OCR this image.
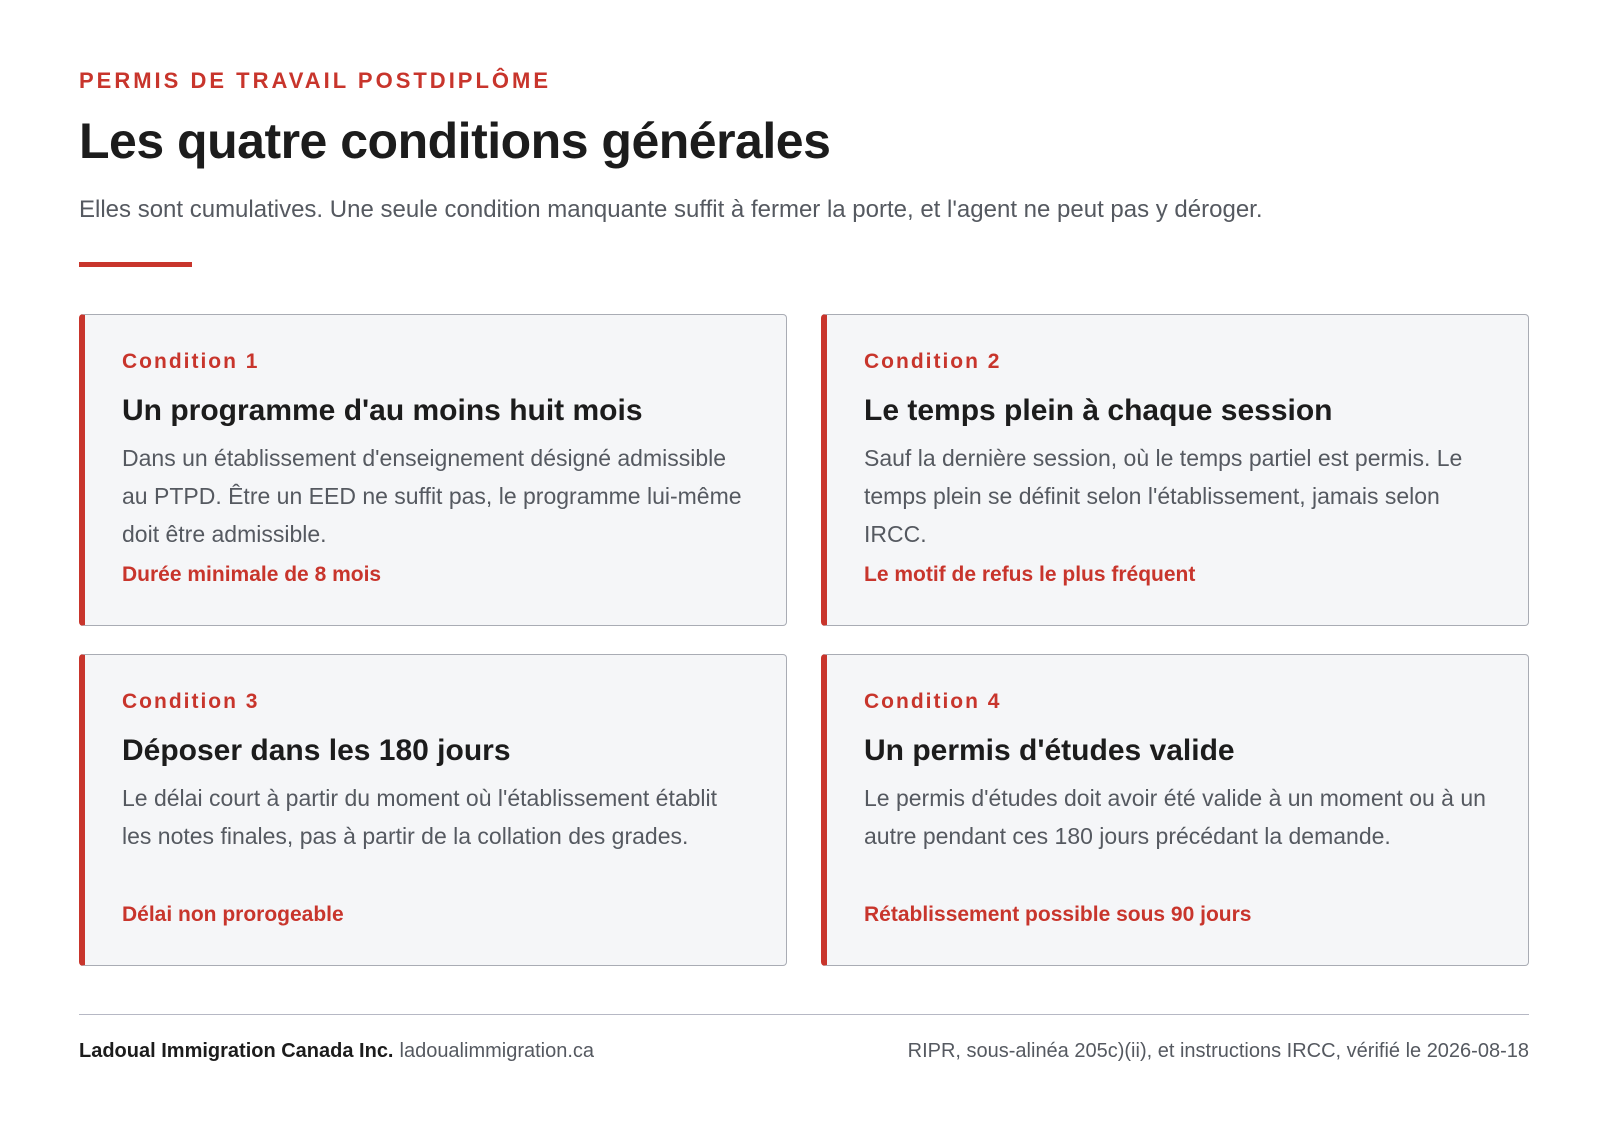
PERMIS DE TRAVAIL POSTDIPLÔME
Les quatre conditions générales
Elles sont cumulatives. Une seule condition manquante suffit à fermer la porte, et l'agent ne peut pas y déroger.
Condition 1
Un programme d'au moins huit mois
Dans un établissement d'enseignement désigné admissible au PTPD. Être un EED ne suffit pas, le programme lui-même doit être admissible.
Durée minimale de 8 mois
Condition 2
Le temps plein à chaque session
Sauf la dernière session, où le temps partiel est permis. Le temps plein se définit selon l'établissement, jamais selon IRCC.
Le motif de refus le plus fréquent
Condition 3
Déposer dans les 180 jours
Le délai court à partir du moment où l'établissement établit les notes finales, pas à partir de la collation des grades.
Délai non prorogeable
Condition 4
Un permis d'études valide
Le permis d'études doit avoir été valide à un moment ou à un autre pendant ces 180 jours précédant la demande.
Rétablissement possible sous 90 jours
Ladoual Immigration Canada Inc. ladoualimmigration.ca	RIPR, sous-alinéa 205c)(ii), et instructions IRCC, vérifié le 2026-08-18
